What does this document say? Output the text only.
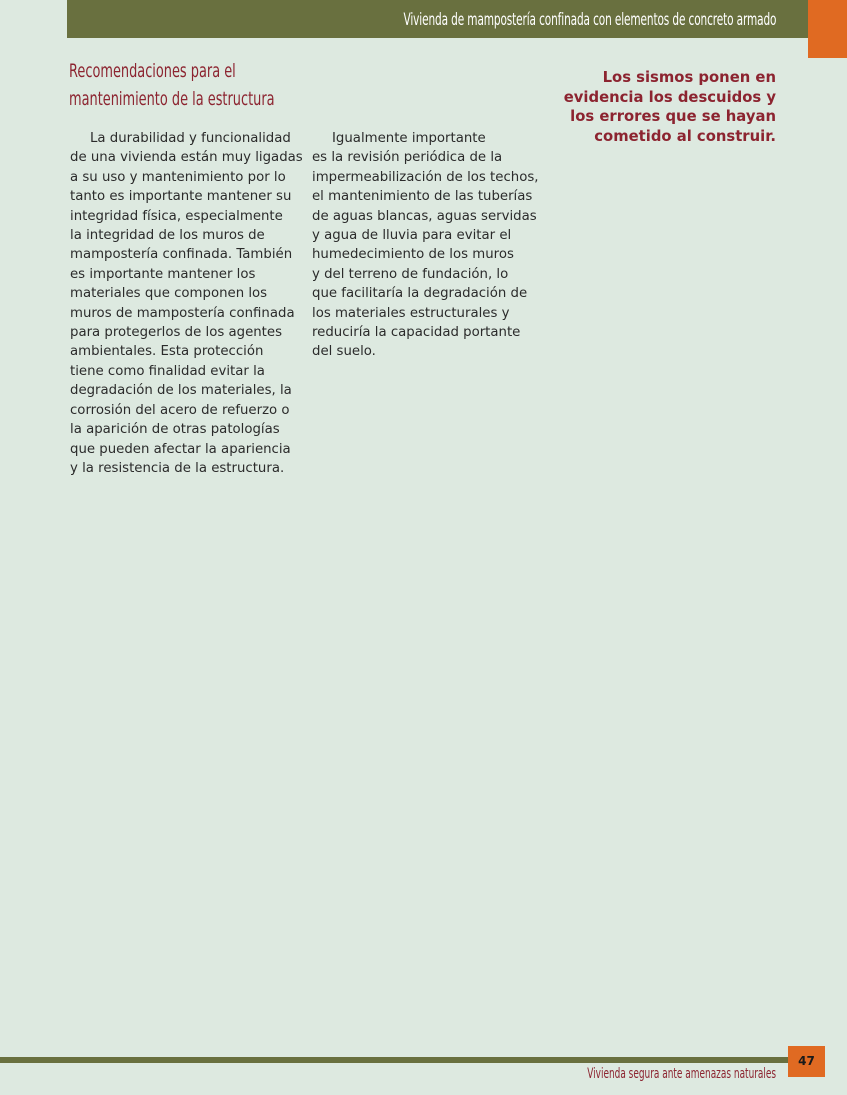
Vivienda de mampostería confinada con elementos de concreto armado
Recomendaciones para el
mantenimiento de la estructura
Los sismos ponen en
evidencia los descuidos y
los errores que se hayan
cometido al construir.
La durabilidad y funcionalidad
de una vivienda están muy ligadas
a su uso y mantenimiento por lo
tanto es importante mantener su
integridad física, especialmente
la integridad de los muros de
mampostería confinada. También
es importante mantener los
materiales que componen los
muros de mampostería confinada
para protegerlos de los agentes
ambientales. Esta protección
tiene como finalidad evitar la
degradación de los materiales, la
corrosión del acero de refuerzo o
la aparición de otras patologías
que pueden afectar la apariencia
y la resistencia de la estructura.
Igualmente importante
es la revisión periódica de la
impermeabilización de los techos,
el mantenimiento de las tuberías
de aguas blancas, aguas servidas
y agua de lluvia para evitar el
humedecimiento de los muros
y del terreno de fundación, lo
que facilitaría la degradación de
los materiales estructurales y
reduciría la capacidad portante
del suelo.
47
Vivienda segura ante amenazas naturales
